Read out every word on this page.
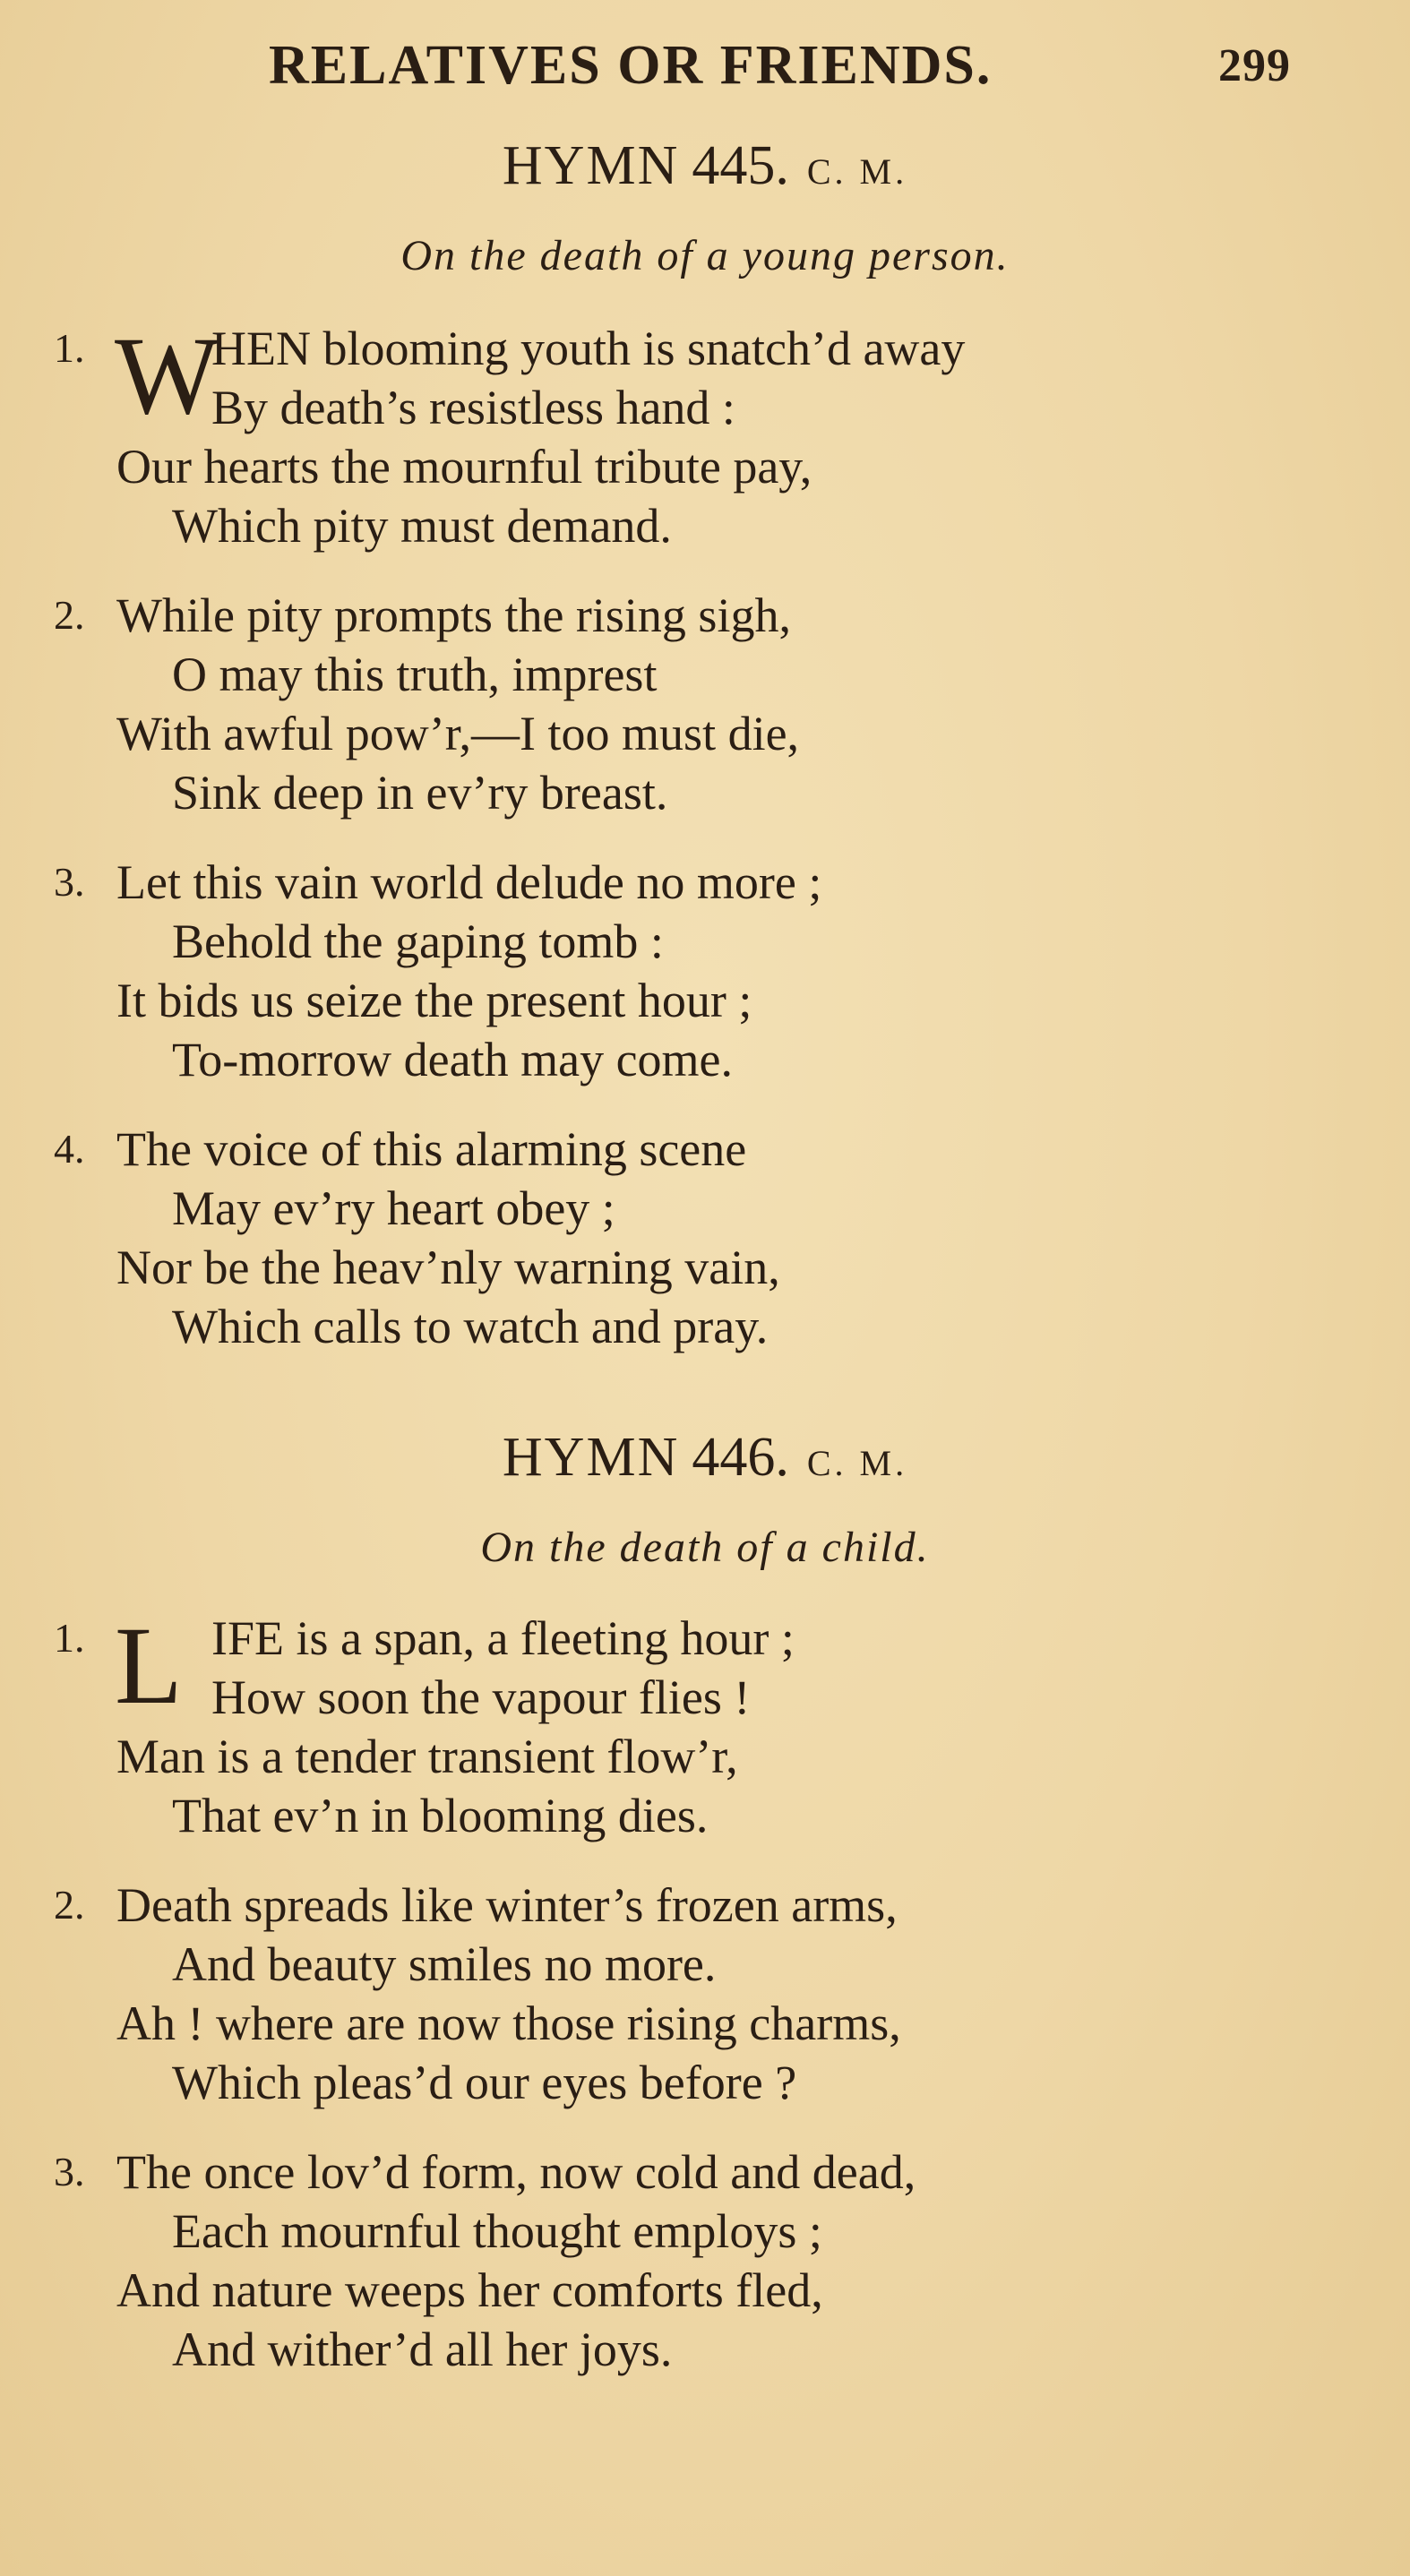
RELATIVES OR FRIENDS.	299
HYMN 445. C. M.
On the death of a young person.
1. W
HEN blooming youth is snatch’d away
By death’s resistless hand :
Our hearts the mournful tribute pay,
Which pity must demand.
2. While pity prompts the rising sigh,
O may this truth, imprest
With awful pow’r,—I too must die,
Sink deep in ev’ry breast.
3. Let this vain world delude no more ;
Behold the gaping tomb :
It bids us seize the present hour ;
To-morrow death may come.
4. The voice of this alarming scene
May ev’ry heart obey ;
Nor be the heav’nly warning vain,
Which calls to watch and pray.
HYMN 446. C. M.
On the death of a child.
1. L IFE is a span, a fleeting hour ;
How soon the vapour flies !
Man is a tender transient flow’r,
That ev’n in blooming dies.
2. Death spreads like winter’s frozen arms,
And beauty smiles no more.
Ah ! where are now those rising charms,
Which pleas’d our eyes before ?
3. The once lov’d form, now cold and dead,
Each mournful thought employs ;
And nature weeps her comforts fled,
And wither’d all her joys.
